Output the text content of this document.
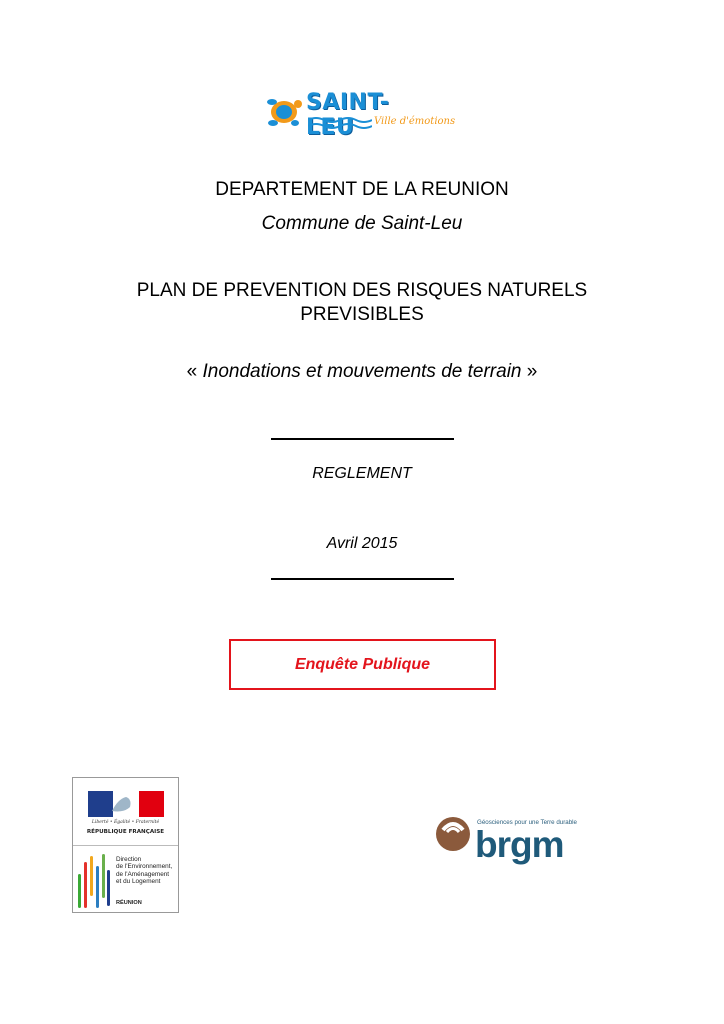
SAINT-LEU	Ville d'émotions
DEPARTEMENT DE LA REUNION
Commune de Saint-Leu
PLAN DE PREVENTION DES RISQUES NATURELS
PREVISIBLES
« Inondations et mouvements de terrain »
REGLEMENT
Avril 2015
Enquête Publique
Liberté • Égalité • Fraternité
RÉPUBLIQUE FRANÇAISE
Direction
de l'Environnement,
de l'Aménagement
et du Logement
RÉUNION
Géosciences pour une Terre durable
brgm
